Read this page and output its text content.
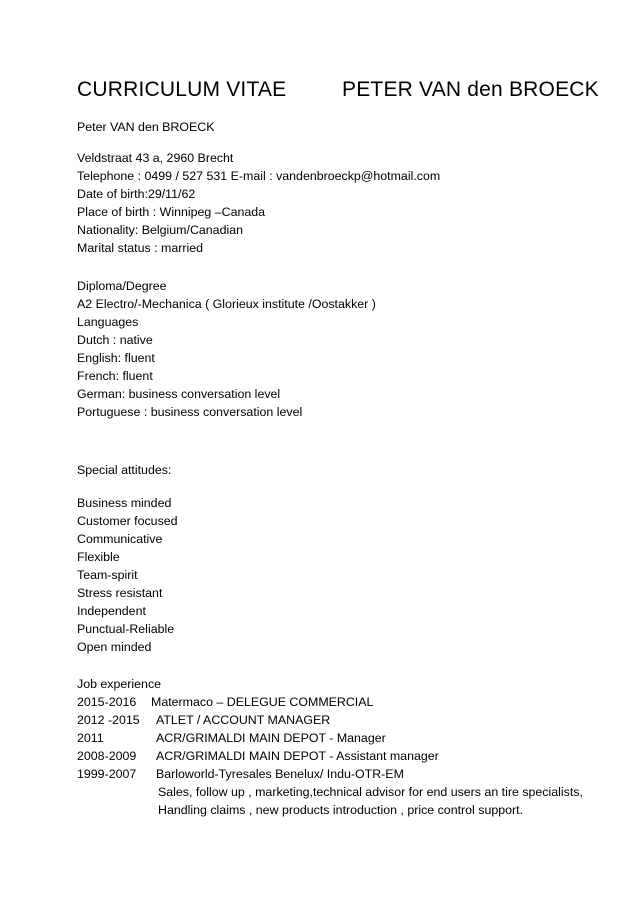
CURRICULUM VITAE	PETER VAN den BROECK
Peter VAN den BROECK
Veldstraat 43 a, 2960 Brecht
Telephone : 0499 / 527 531 E-mail : vandenbroeckp@hotmail.com
Date of birth:29/11/62
Place of birth : Winnipeg –Canada
Nationality: Belgium/Canadian
Marital status : married
Diploma/Degree
A2 Electro/-Mechanica ( Glorieux institute /Oostakker )
Languages
Dutch : native
English: fluent
French: fluent
German: business conversation level
Portuguese : business conversation level
Special attitudes:
Business minded
Customer focused
Communicative
Flexible
Team-spirit
Stress resistant
Independent
Punctual-Reliable
Open minded
Job experience
2015-2016 Matermaco – DELEGUE COMMERCIAL
2012 -2015 ATLET / ACCOUNT MANAGER
2011	ACR/GRIMALDI MAIN DEPOT - Manager
2008-2009 ACR/GRIMALDI MAIN DEPOT - Assistant manager
1999-2007 Barloworld-Tyresales Benelux/ Indu-OTR-EM
Sales, follow up , marketing,technical advisor for end users an tire specialists,
Handling claims , new products introduction , price control support.
